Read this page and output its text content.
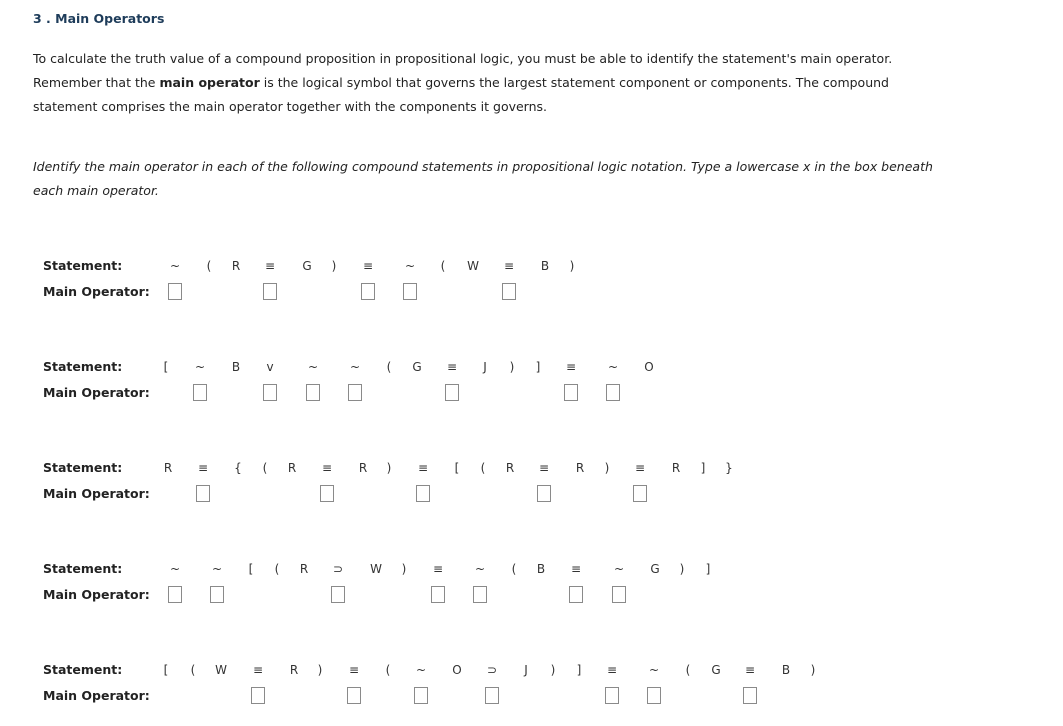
3 . Main Operators
To calculate the truth value of a compound proposition in propositional logic, you must be able to identify the statement's main operator. Remember that the main operator is the logical symbol that governs the largest statement component or components. The compound statement comprises the main operator together with the components it governs.
Identify the main operator in each of the following compound statements in propositional logic notation. Type a lowercase x in the box beneath each main operator.
Statement:
Main Operator:
~ ( R ≡ G ) ≡	~ ( W ≡ B )
Statement:
Main Operator:
[ ~ B v	~	~ ( G ≡ J ) ] ≡	~ O
Statement:
Main Operator:
R ≡ { ( R ≡ R ) ≡ [ ( R ≡ R ) ≡ R ] }
Statement:
Main Operator:
~	~ [ ( R ⊃ W ) ≡	~ ( B ≡	~ G ) ]
Statement:
Main Operator:
[ ( W ≡ R ) ≡ ( ~ O ⊃ J ) ] ≡	~ ( G ≡ B )
